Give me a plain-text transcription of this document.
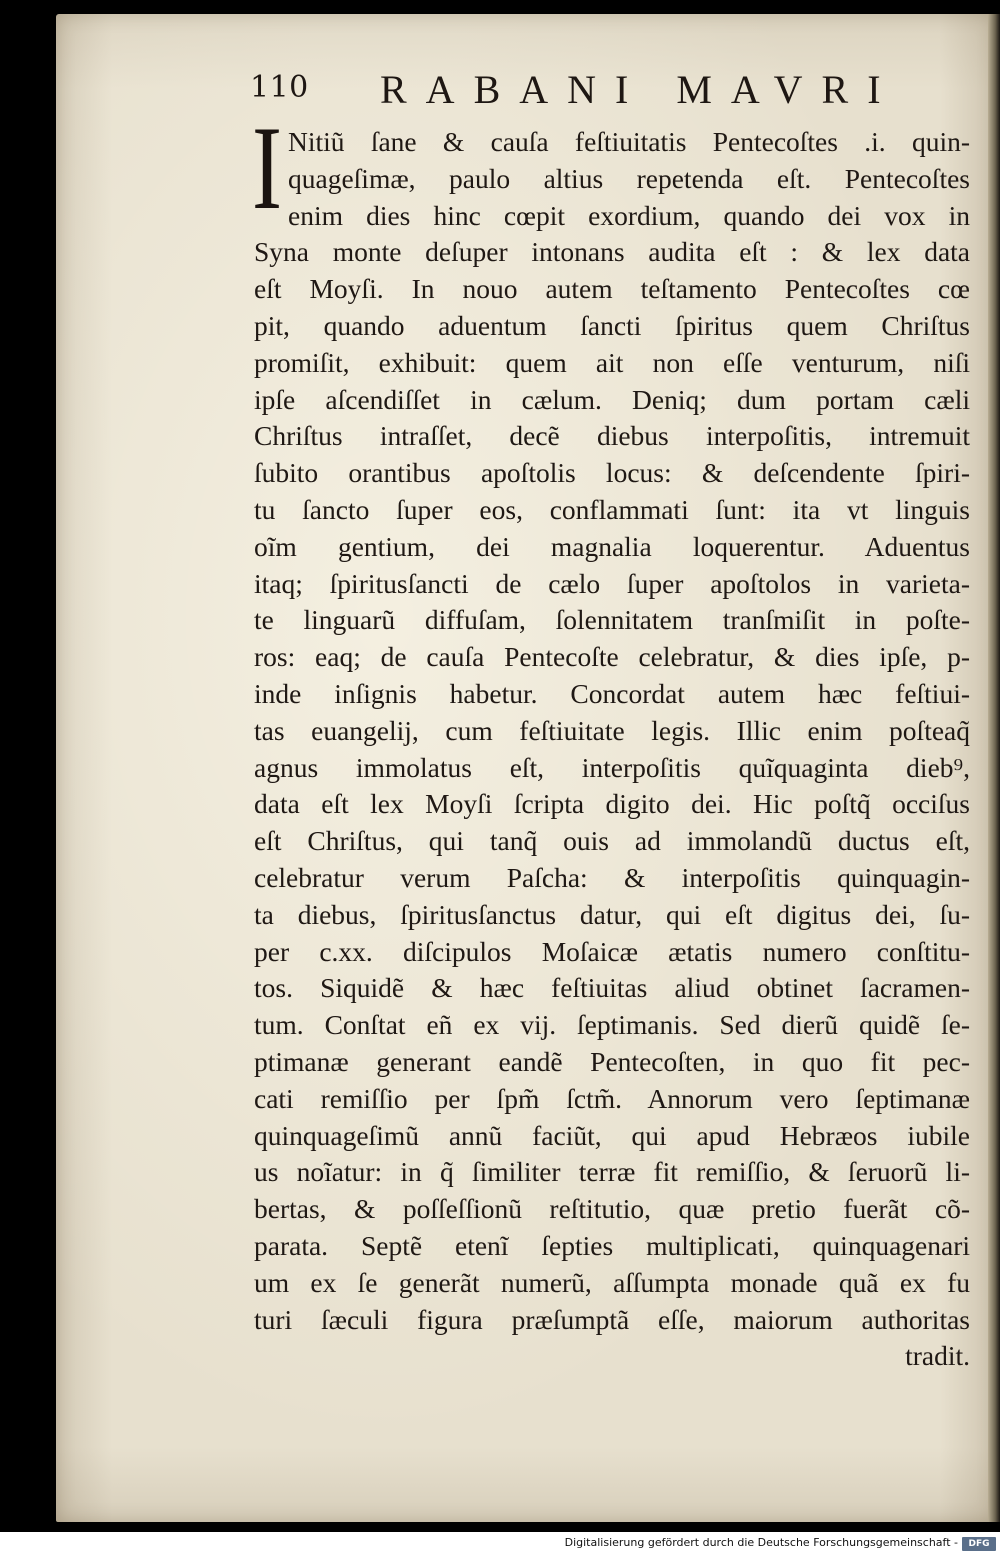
110 RABANI MAVRI
I Nitiũ ſane & cauſa feſtiuitatis Pentecoſtes .i. quin-
quageſimæ, paulo altius repetenda eſt. Pentecoſtes
enim dies hinc cœpit exordium, quando dei vox in
Syna monte deſuper intonans audita eſt : & lex data
eſt Moyſi. In nouo autem teſtamento Pentecoſtes cœ
pit, quando aduentum ſancti ſpiritus quem Chriſtus
promiſit, exhibuit: quem ait non eſſe venturum, niſi
ipſe aſcendiſſet in cælum. Deniq; dum portam cæli
Chriſtus intraſſet, decẽ diebus interpoſitis, intremuit
ſubito orantibus apoſtolis locus: & deſcendente ſpiri-
tu ſancto ſuper eos, conflammati ſunt: ita vt linguis
oĩm gentium, dei magnalia loquerentur. Aduentus
itaq; ſpiritusſancti de cælo ſuper apoſtolos in varieta-
te linguarũ diffuſam, ſolennitatem tranſmiſit in poſte-
ros: eaq; de cauſa Pentecoſte celebratur, & dies ipſe, p-
inde inſignis habetur. Concordat autem hæc feſtiui-
tas euangelij, cum feſtiuitate legis. Illic enim poſteaq̃
agnus immolatus eſt, interpoſitis quĩquaginta dieb⁹,
data eſt lex Moyſi ſcripta digito dei. Hic poſtq̃ occiſus
eſt Chriſtus, qui tanq̃ ouis ad immolandũ ductus eſt,
celebratur verum Paſcha: & interpoſitis quinquagin-
ta diebus, ſpiritusſanctus datur, qui eſt digitus dei, ſu-
per c.xx. diſcipulos Moſaicæ ætatis numero conſtitu-
tos. Siquidẽ & hæc feſtiuitas aliud obtinet ſacramen-
tum. Conſtat eñ ex vij. ſeptimanis. Sed dierũ quidẽ ſe-
ptimanæ generant eandẽ Pentecoſten, in quo fit pec-
cati remiſſio per ſpm̃ ſctm̃. Annorum vero ſeptimanæ
quinquageſimũ annũ faciũt, qui apud Hebræos iubile
us noĩatur: in q̃ ſimiliter terræ fit remiſſio, & ſeruorũ li-
bertas, & poſſeſſionũ reſtitutio, quæ pretio fuerãt cõ-
parata. Septẽ etenĩ ſepties multiplicati, quinquagenari
um ex ſe generãt numerũ, aſſumpta monade quã ex fu
turi ſæculi figura præſumptã eſſe, maiorum authoritas
tradit.
Digitalisierung gefördert durch die Deutsche Forschungsgemeinschaft -	DFG
